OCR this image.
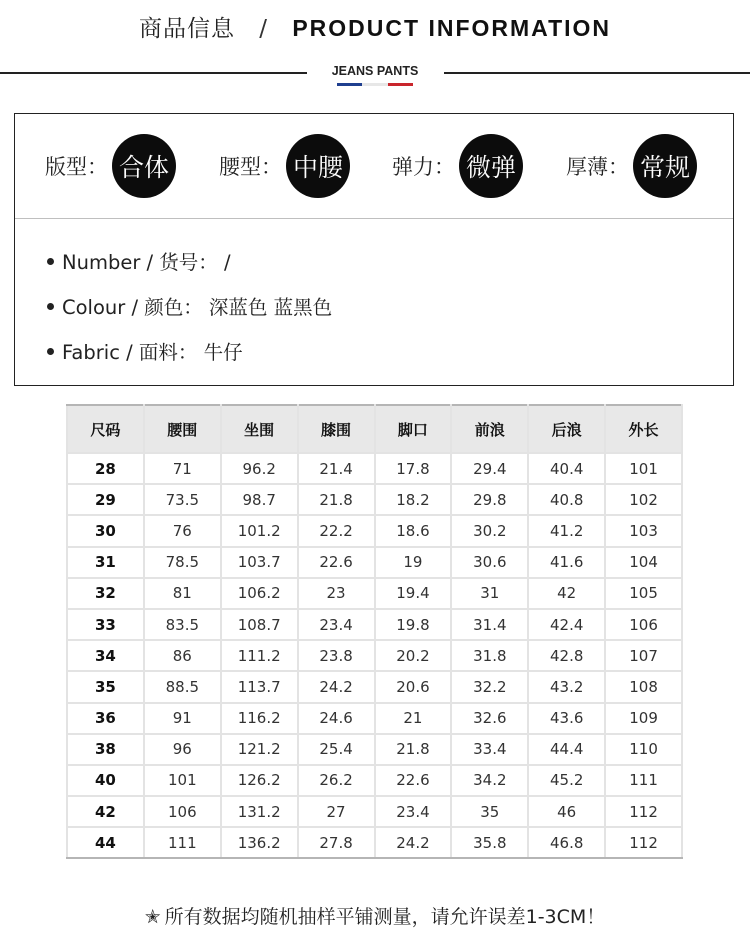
商品信息 / PRODUCT INFORMATION
JEANS PANTS
版型： 合体	腰型： 中腰	弹力： 微弹	厚薄： 常规
Number / 货号： /
Colour / 颜色： 深蓝色 蓝黑色
Fabric / 面料： 牛仔
尺码	腰围	坐围	膝围	脚口	前浪	后浪	外长
28	71	96.2	21.4	17.8	29.4	40.4	101
29	73.5	98.7	21.8	18.2	29.8	40.8	102
30	76	101.2	22.2	18.6	30.2	41.2	103
31	78.5	103.7	22.6	19	30.6	41.6	104
32	81	106.2	23	19.4	31	42	105
33	83.5	108.7	23.4	19.8	31.4	42.4	106
34	86	111.2	23.8	20.2	31.8	42.8	107
35	88.5	113.7	24.2	20.6	32.2	43.2	108
36	91	116.2	24.6	21	32.6	43.6	109
38	96	121.2	25.4	21.8	33.4	44.4	110
40	101	126.2	26.2	22.6	34.2	45.2	111
42	106	131.2	27	23.4	35	46	112
44	111	136.2	27.8	24.2	35.8	46.8	112
✭ 所有数据均随机抽样平铺测量，请允许误差1-3CM！
